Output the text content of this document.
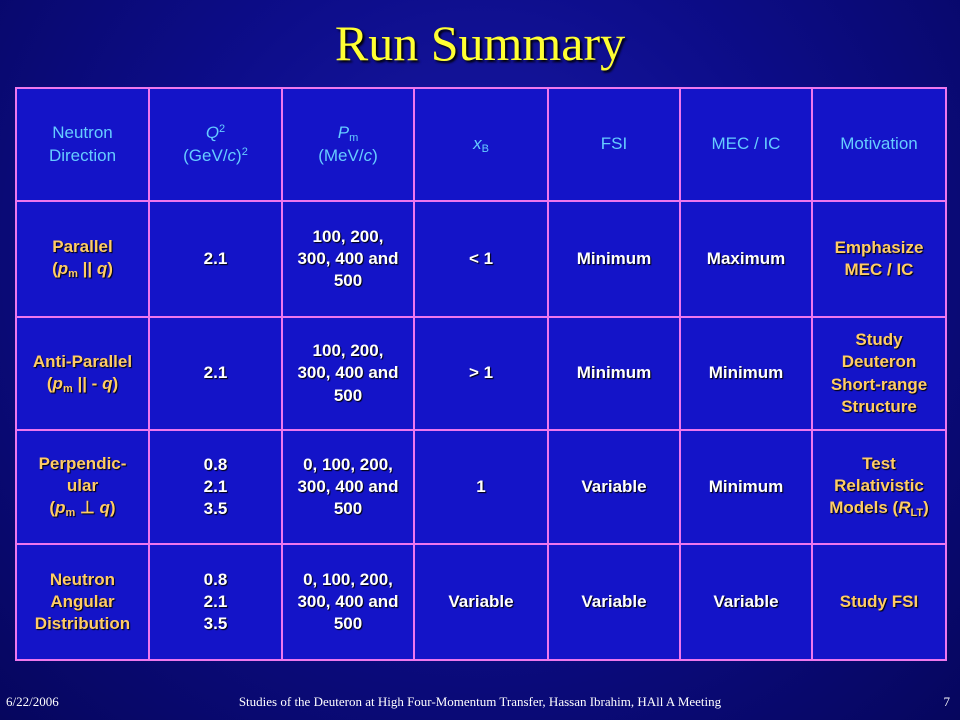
Run Summary
Neutron
Direction	$Q^2$
$(GeV/c)^2$	$P_m$
(MeV/c)	$x_B$	FSI	MEC / IC	Motivation

Parallel
($p_m$ || q)	2.1	100, 200,
300, 400 and
500	< 1	Minimum	Maximum	Emphasize
MEC / IC

Anti-Parallel
($p_m$ || - q)	2.1	100, 200,
300, 400 and
500	> 1	Minimum	Minimum	Study
Deuteron
Short-range
Structure

Perpendic-
ular
($p_m$ ⊥ q)	0.8
2.1
3.5	0, 100, 200,
300, 400 and
500	1	Variable	Minimum	Test
Relativistic
Models $(R_{LT})$

Neutron
Angular
Distribution	0.8
2.1
3.5	0, 100, 200,
300, 400 and
500	Variable	Variable	Variable	Study FSI
6/22/2006	Studies of the Deuteron at High Four-Momentum Transfer, Hassan Ibrahim, HAll A Meeting	7
